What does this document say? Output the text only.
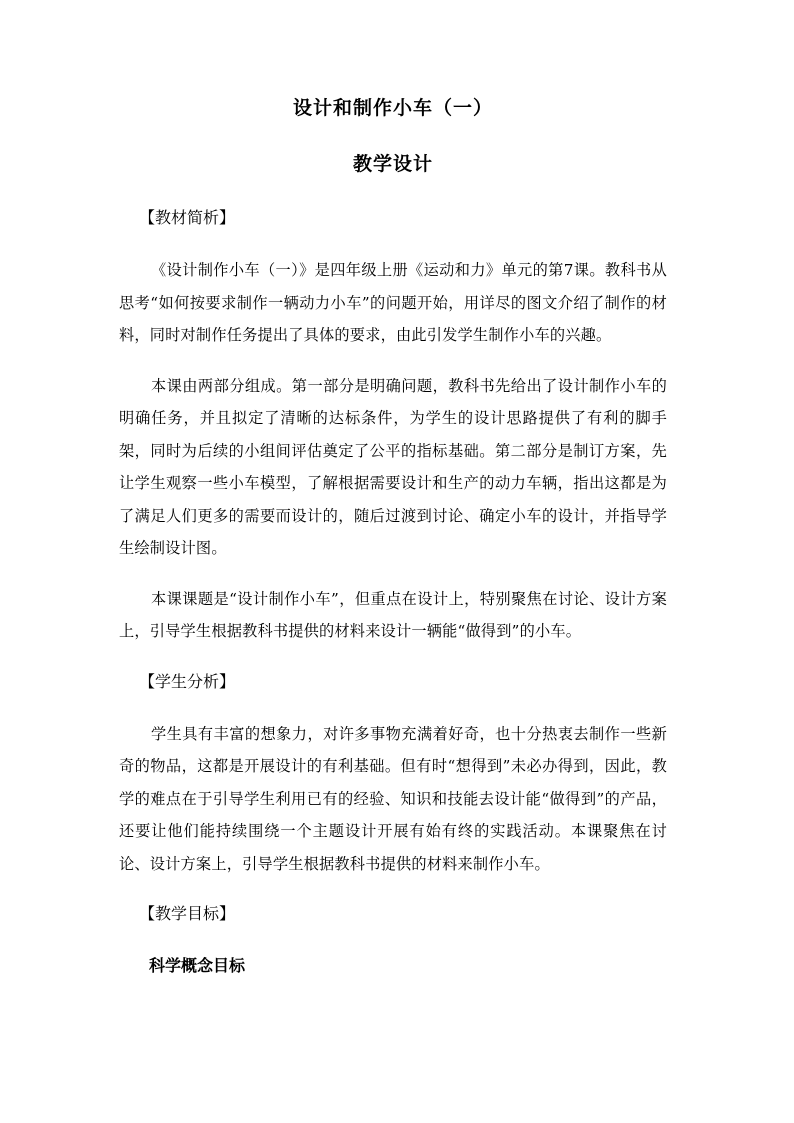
设计和制作小车（一）
教学设计

【教材简析】

《设计制作小车（一）》是四年级上册《运动和力》单元的第7课。教科书从思考“如何按要求制作一辆动力小车”的问题开始，用详尽的图文介绍了制作的材料，同时对制作任务提出了具体的要求，由此引发学生制作小车的兴趣。

本课由两部分组成。第一部分是明确问题，教科书先给出了设计制作小车的明确任务，并且拟定了清晰的达标条件，为学生的设计思路提供了有利的脚手架，同时为后续的小组间评估奠定了公平的指标基础。第二部分是制订方案，先让学生观察一些小车模型，了解根据需要设计和生产的动力车辆，指出这都是为了满足人们更多的需要而设计的，随后过渡到讨论、确定小车的设计，并指导学生绘制设计图。

本课课题是“设计制作小车”，但重点在设计上，特别聚焦在讨论、设计方案上，引导学生根据教科书提供的材料来设计一辆能“做得到”的小车。

【学生分析】

学生具有丰富的想象力，对许多事物充满着好奇，也十分热衷去制作一些新奇的物品，这都是开展设计的有利基础。但有时“想得到”未必办得到，因此，教学的难点在于引导学生利用已有的经验、知识和技能去设计能“做得到”的产品，还要让他们能持续围绕一个主题设计开展有始有终的实践活动。本课聚焦在讨论、设计方案上，引导学生根据教科书提供的材料来制作小车。

【教学目标】

科学概念目标
